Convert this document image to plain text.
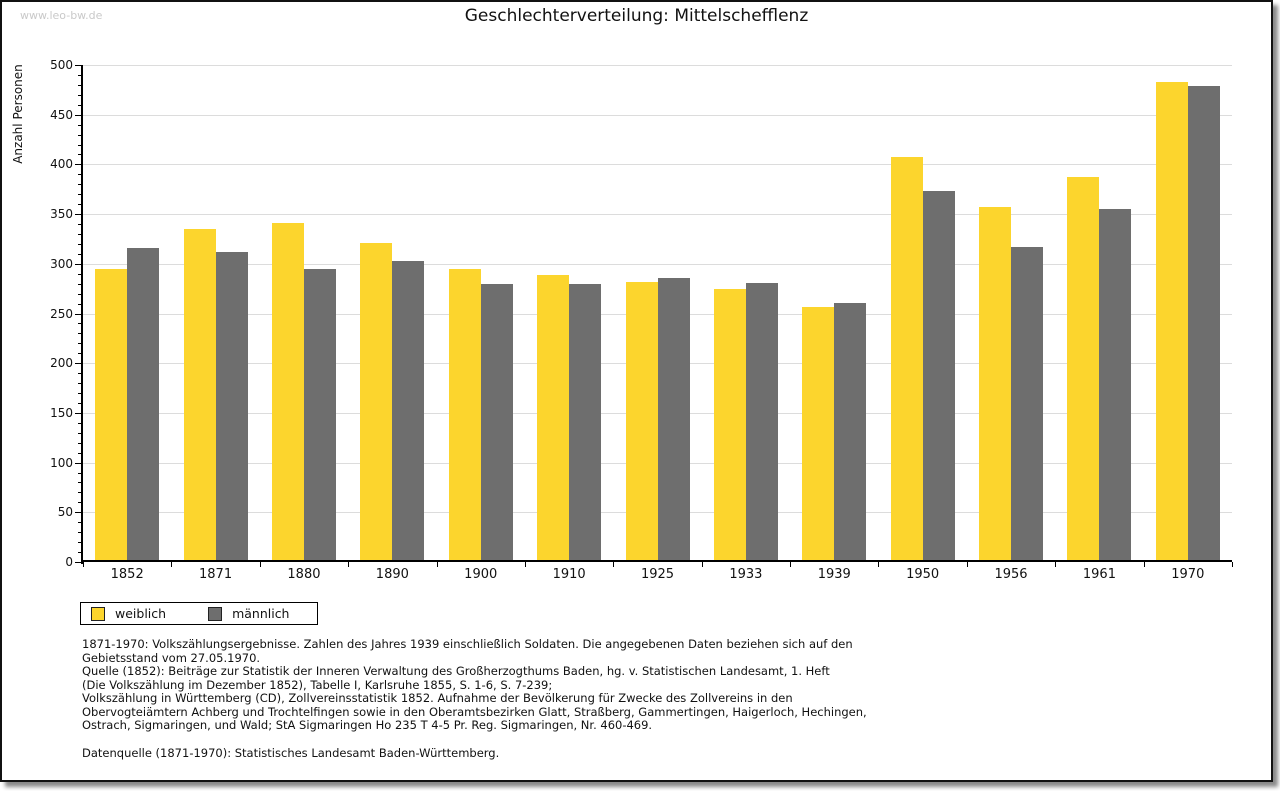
www.leo-bw.de	Geschlechterverteilung: Mittelschefflenz
Anzahl Personen
0
50
100
150
200
250
300
350
400
450
500
1852	1871	1880	1890	1900	1910	1925	1933	1939	1950	1956	1961	1970
weiblich	männlich
1871-1970: Volkszählungsergebnisse. Zahlen des Jahres 1939 einschließlich Soldaten. Die angegebenen Daten beziehen sich auf den
Gebietsstand vom 27.05.1970.
Quelle (1852): Beiträge zur Statistik der Inneren Verwaltung des Großherzogthums Baden, hg. v. Statistischen Landesamt, 1. Heft
(Die Volkszählung im Dezember 1852), Tabelle I, Karlsruhe 1855, S. 1-6, S. 7-239;
Volkszählung in Württemberg (CD), Zollvereinsstatistik 1852. Aufnahme der Bevölkerung für Zwecke des Zollvereins in den
Obervogteiämtern Achberg und Trochtelfingen sowie in den Oberamtsbezirken Glatt, Straßberg, Gammertingen, Haigerloch, Hechingen,
Ostrach, Sigmaringen, und Wald; StA Sigmaringen Ho 235 T 4-5 Pr. Reg. Sigmaringen, Nr. 460-469.
Datenquelle (1871-1970): Statistisches Landesamt Baden-Württemberg.
